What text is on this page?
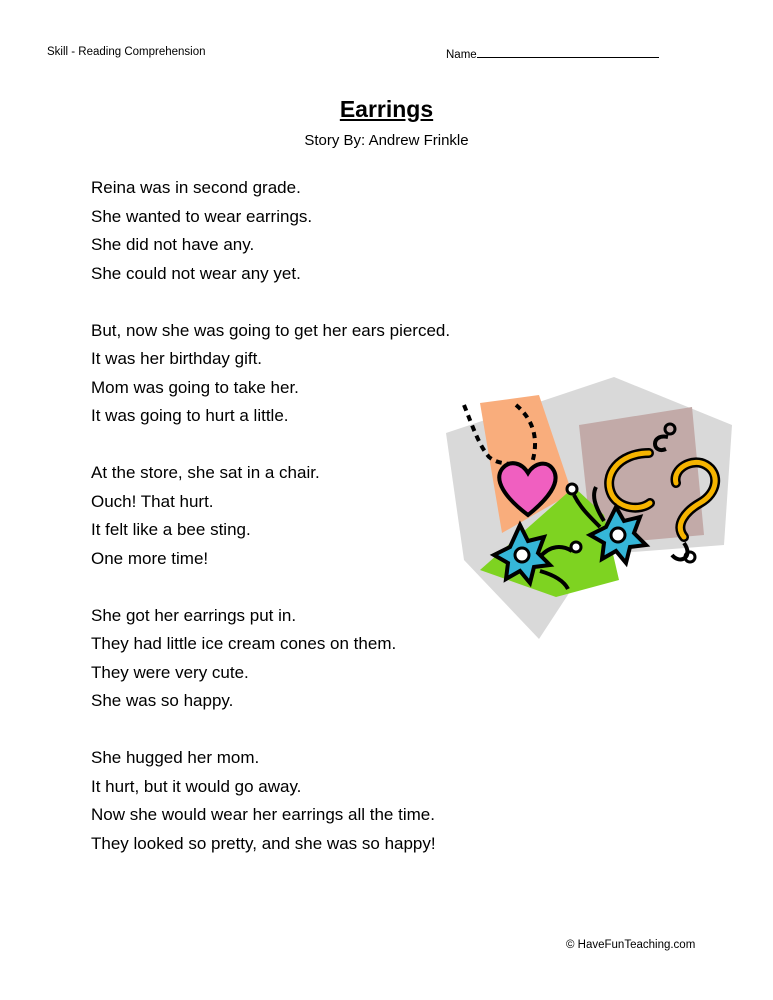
Skill - Reading Comprehension	Name
Earrings
Story By: Andrew Frinkle

Reina was in second grade.

She wanted to wear earrings.

She did not have any.

She could not wear any yet.

But, now she was going to get her ears pierced.

It was her birthday gift.

Mom was going to take her.

It was going to hurt a little.

At the store, she sat in a chair.

Ouch! That hurt.

It felt like a bee sting.

One more time!

She got her earrings put in.

They had little ice cream cones on them.

They were very cute.

She was so happy.

She hugged her mom.

It hurt, but it would go away.

Now she would wear her earrings all the time.

They looked so pretty, and she was so happy!

© HaveFunTeaching.com
